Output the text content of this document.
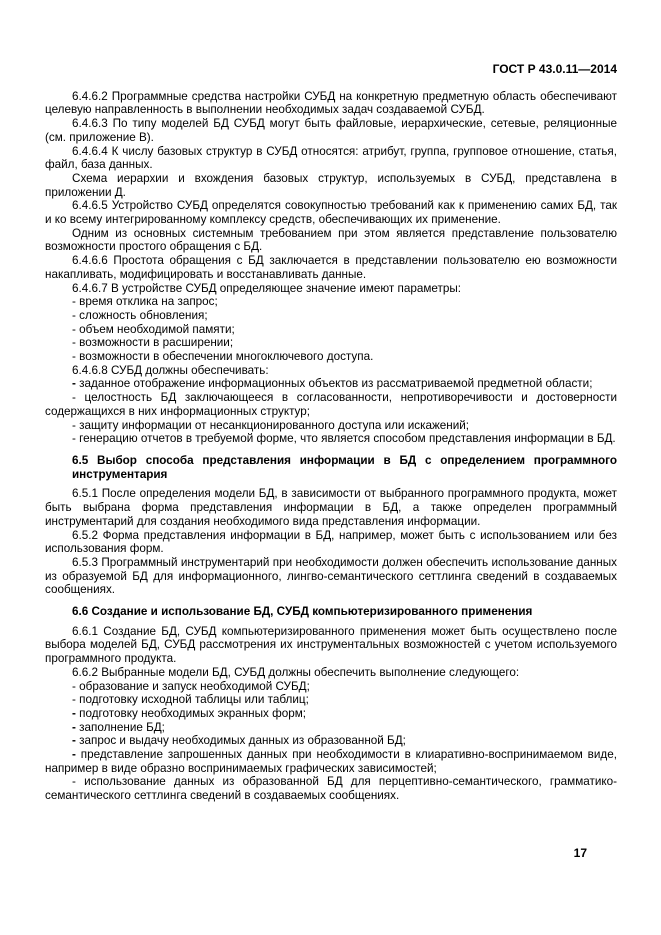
ГОСТ Р 43.0.11—2014

6.4.6.2 Программные средства настройки СУБД на конкретную предметную область обеспечивают целевую направленность в выполнении необходимых задач создаваемой СУБД.

6.4.6.3 По типу моделей БД СУБД могут быть файловые, иерархические, сетевые, реляционные (см. приложение В).

6.4.6.4 К числу базовых структур в СУБД относятся: атрибут, группа, групповое отношение, статья, файл, база данных.

Схема иерархии и вхождения базовых структур, используемых в СУБД, представлена в приложении Д.

6.4.6.5 Устройство СУБД определятся совокупностью требований как к применению самих БД, так и ко всему интегрированному комплексу средств, обеспечивающих их применение.

Одним из основных системным требованием при этом является представление пользователю возможности простого обращения с БД.

6.4.6.6 Простота обращения с БД заключается в представлении пользователю ею возможности накапливать, модифицировать и восстанавливать данные.

6.4.6.7 В устройстве СУБД определяющее значение имеют параметры:

- время отклика на запрос;

- сложность обновления;

- объем необходимой памяти;

- возможности в расширении;

- возможности в обеспечении многоключевого доступа.

6.4.6.8 СУБД должны обеспечивать:

- заданное отображение информационных объектов из рассматриваемой предметной области;

- целостность БД заключающееся в согласованности, непротиворечивости и достоверности содержащихся в них информационных структур;

- защиту информации от несанкционированного доступа или искажений;

- генерацию отчетов в требуемой форме, что является способом представления информации в БД.

6.5 Выбор способа представления информации в БД с определением программного инструментария

6.5.1 После определения модели БД, в зависимости от выбранного программного продукта, может быть выбрана форма представления информации в БД, а также определен программный инструментарий для создания необходимого вида представления информации.

6.5.2 Форма представления информации в БД, например, может быть с использованием или без использования форм.

6.5.3 Программный инструментарий при необходимости должен обеспечить использование данных из образуемой БД для информационного, лингво-семантического сеттлинга сведений в создаваемых сообщениях.

6.6 Создание и использование БД, СУБД компьютеризированного применения

6.6.1 Создание БД, СУБД компьютеризированного применения может быть осуществлено после выбора моделей БД, СУБД рассмотрения их инструментальных возможностей с учетом используемого программного продукта.

6.6.2 Выбранные модели БД, СУБД должны обеспечить выполнение следующего:

- образование и запуск необходимой СУБД;

- подготовку исходной таблицы или таблиц;

- подготовку необходимых экранных форм;

- заполнение БД;

- запрос и выдачу необходимых данных из образованной БД;

- представление запрошенных данных при необходимости в клиаративно-воспринимаемом виде, например в виде образно воспринимаемых графических зависимостей;

- использование данных из образованной БД для перцептивно-семантического, грамматико-семантического сеттлинга сведений в создаваемых сообщениях.

17
